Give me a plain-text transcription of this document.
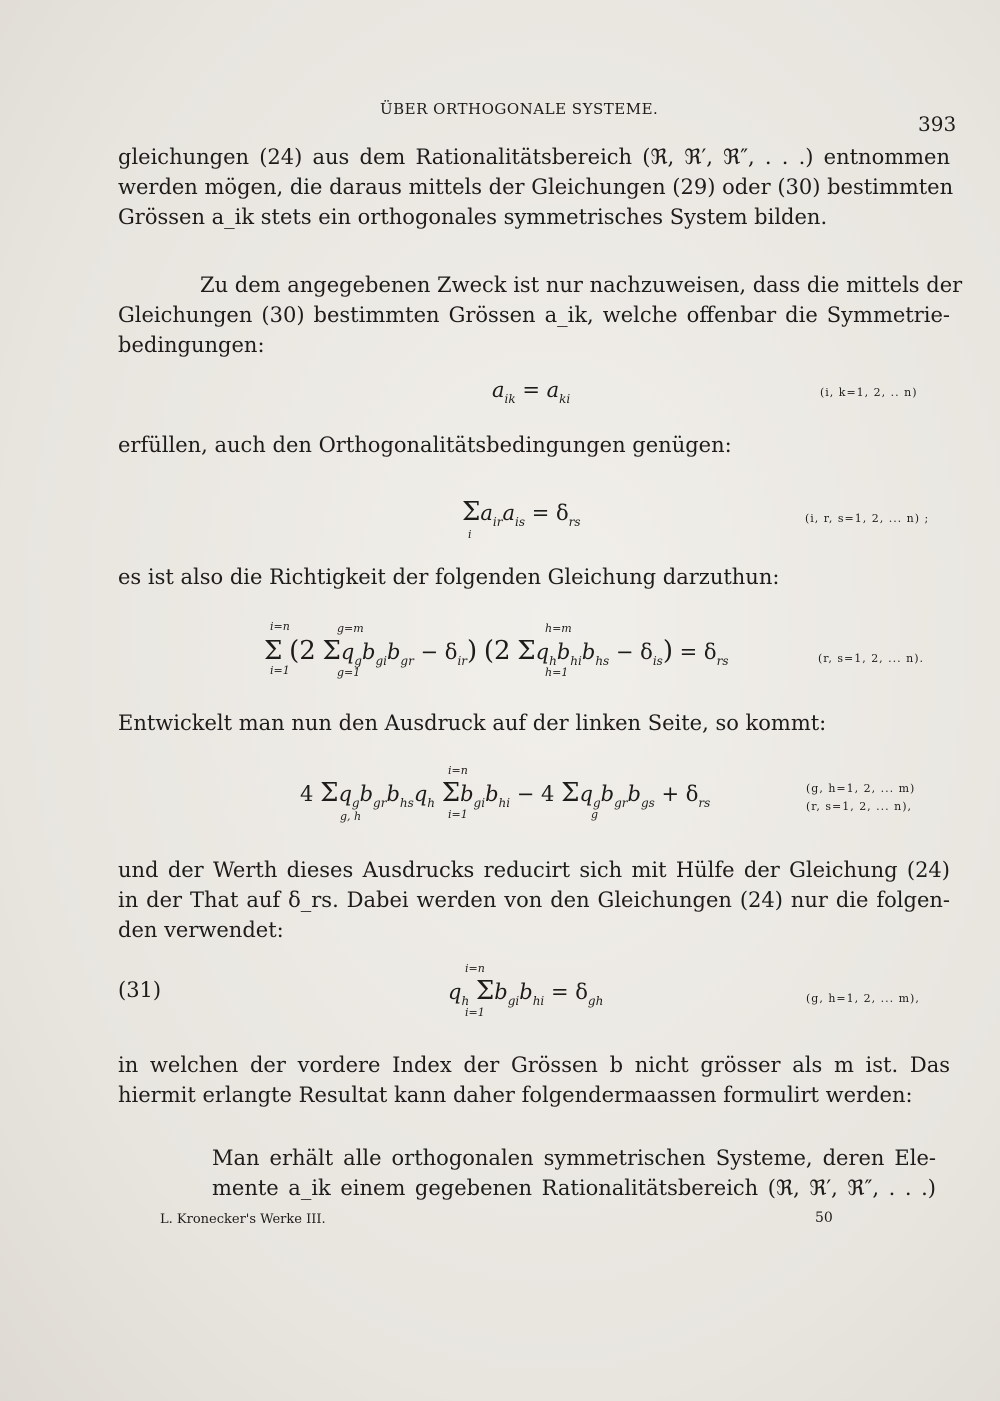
ÜBER ORTHOGONALE SYSTEME.
393
gleichungen (24) aus dem Rationalitätsbereich (ℜ, ℜ′, ℜ″, . . .) entnommen
werden mögen, die daraus mittels der Gleichungen (29) oder (30) bestimmten
Grössen a_ik stets ein orthogonales symmetrisches System bilden.
Zu dem angegebenen Zweck ist nur nachzuweisen, dass die mittels der
Gleichungen (30) bestimmten Grössen a_ik, welche offenbar die Symmetrie-
bedingungen:
$a_{ik} = a_{ki}$	(i, k=1, 2, .. n)
erfüllen, auch den Orthogonalitätsbedingungen genügen:
$\Sigma a_{ir}a_{is} = \delta_{rs}$
i
(i, r, s=1, 2, ... n) ;
es ist also die Richtigkeit der folgenden Gleichung darzuthun:
i=n
i=1
g=m
g=1
h=m
h=1
Σ (2 $\Sigma q_gb_{gi}b_{gr} - \delta_{ir}$) (2 $\Sigma q_hb_{hi}b_{hs} - \delta_{is}) = \delta_{rs}$	(r, s=1, 2, ... n).
Entwickelt man nun den Ausdruck auf der linken Seite, so kommt:
g, h
i=n
i=1	g
4 $\Sigma q_gb_{gr}b_{hs}q_h$ $\Sigma b_{gi}b_{hi} - 4$ $\Sigma q_gb_{gr}b_{gs} + \delta_{rs}$
(g, h=1, 2, ... m)
(r, s=1, 2, ... n),
und der Werth dieses Ausdrucks reducirt sich mit Hülfe der Gleichung (24)
in der That auf δ_rs. Dabei werden von den Gleichungen (24) nur die folgen-
den verwendet:
(31)
i=n
i=1
$q_h$ $\Sigma b_{gi}b_{hi} = \delta_{gh}$	(g, h=1, 2, ... m),
in welchen der vordere Index der Grössen b nicht grösser als m ist. Das
hiermit erlangte Resultat kann daher folgendermaassen formulirt werden:
Man erhält alle orthogonalen symmetrischen Systeme, deren Ele-
mente a_ik einem gegebenen Rationalitätsbereich (ℜ, ℜ′, ℜ″, . . .)
L. Kronecker's Werke III.	50
